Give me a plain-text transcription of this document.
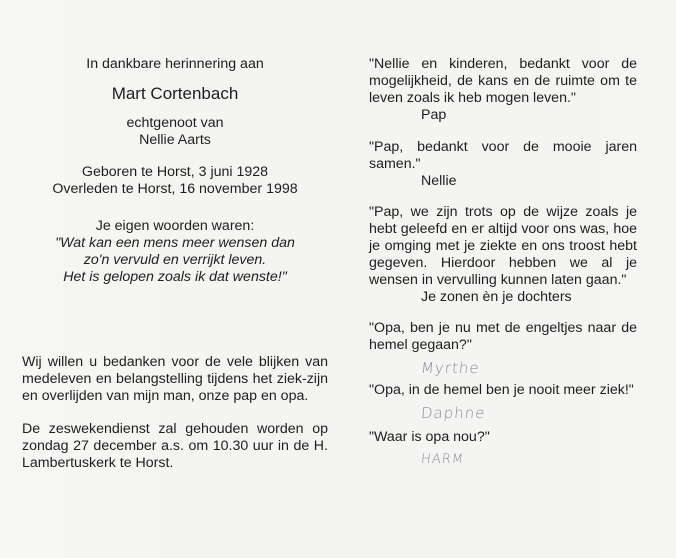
In dankbare herinnering aan
Mart Cortenbach
echtgenoot van
Nellie Aarts
Geboren te Horst, 3 juni 1928
Overleden te Horst, 16 november 1998
Je eigen woorden waren:
"Wat kan een mens meer wensen dan
zo'n vervuld en verrijkt leven.
Het is gelopen zoals ik dat wenste!"

Wij willen u bedanken voor de vele blijken van medeleven en belangstelling tijdens het ziek-zijn en overlijden van mijn man, onze pap en opa.

De zeswekendienst zal gehouden worden op zondag 27 december a.s. om 10.30 uur in de H. Lambertuskerk te Horst.

"Nellie en kinderen, bedankt voor de mogelijkheid, de kans en de ruimte om te leven zoals ik heb mogen leven."

Pap

"Pap, bedankt voor de mooie jaren samen."

Nellie

"Pap, we zijn trots op de wijze zoals je hebt geleefd en er altijd voor ons was, hoe je omging met je ziekte en ons troost hebt gegeven. Hierdoor hebben we al je wensen in vervulling kunnen laten gaan."

Je zonen èn je dochters

"Opa, ben je nu met de engeltjes naar de hemel gegaan?"

Myrthe

"Opa, in de hemel ben je nooit meer ziek!"

Daphne

"Waar is opa nou?"

HARM
